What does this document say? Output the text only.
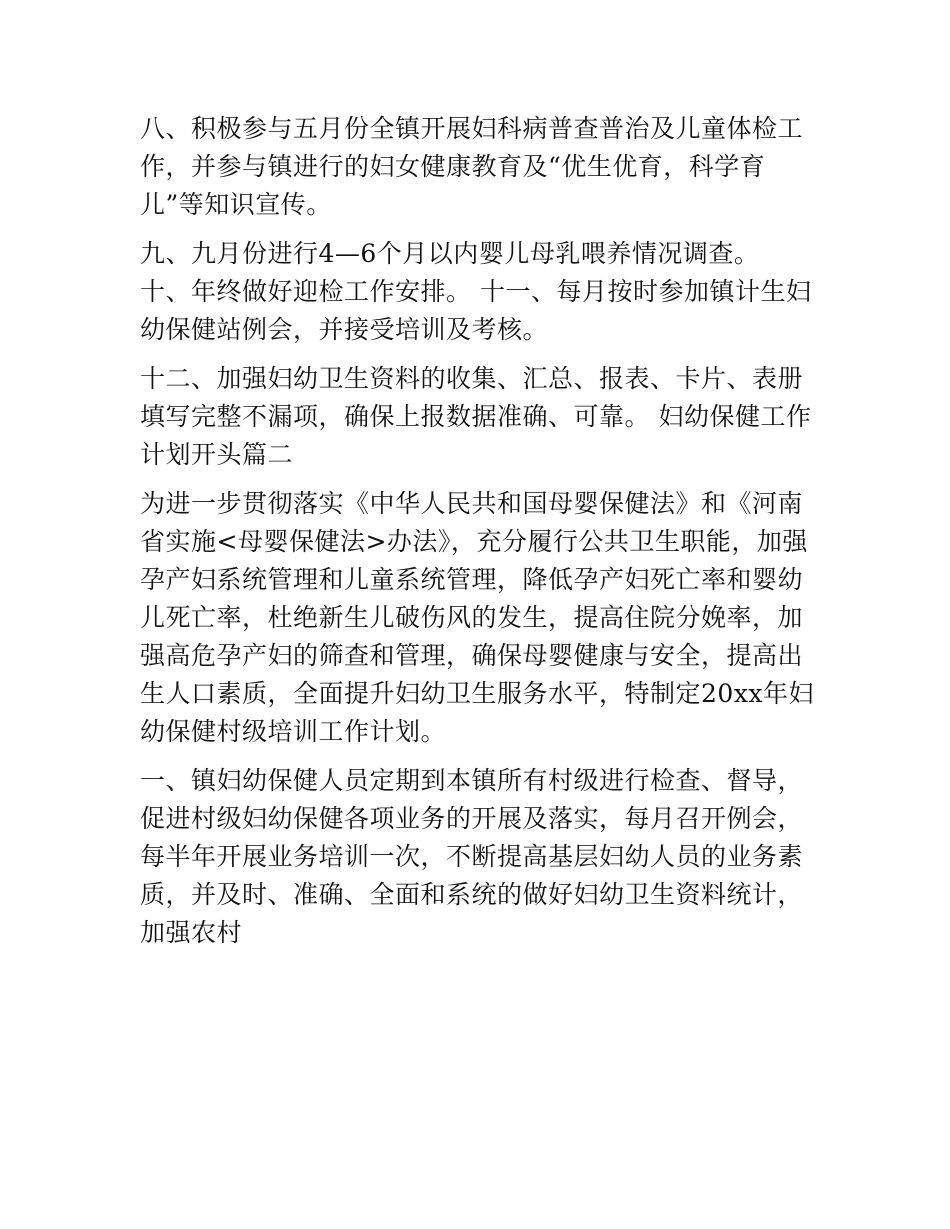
八、积极参与五月份全镇开展妇科病普查普治及儿童体检工作，并参与镇进行的妇女健康教育及“优生优育，科学育儿”等知识宣传。

九、九月份进行4—6个月以内婴儿母乳喂养情况调查。 十、年终做好迎检工作安排。 十一、每月按时参加镇计生妇幼保健站例会，并接受培训及考核。

十二、加强妇幼卫生资料的收集、汇总、报表、卡片、表册填写完整不漏项，确保上报数据准确、可靠。 妇幼保健工作计划开头篇二

为进一步贯彻落实《中华人民共和国母婴保健法》和《河南省实施<母婴保健法>办法》，充分履行公共卫生职能，加强孕产妇系统管理和儿童系统管理，降低孕产妇死亡率和婴幼儿死亡率，杜绝新生儿破伤风的发生，提高住院分娩率，加强高危孕产妇的筛查和管理，确保母婴健康与安全，提高出生人口素质，全面提升妇幼卫生服务水平，特制定20xx年妇幼保健村级培训工作计划。

一、镇妇幼保健人员定期到本镇所有村级进行检查、督导，促进村级妇幼保健各项业务的开展及落实，每月召开例会，每半年开展业务培训一次，不断提高基层妇幼人员的业务素质，并及时、准确、全面和系统的做好妇幼卫生资料统计，加强农村
